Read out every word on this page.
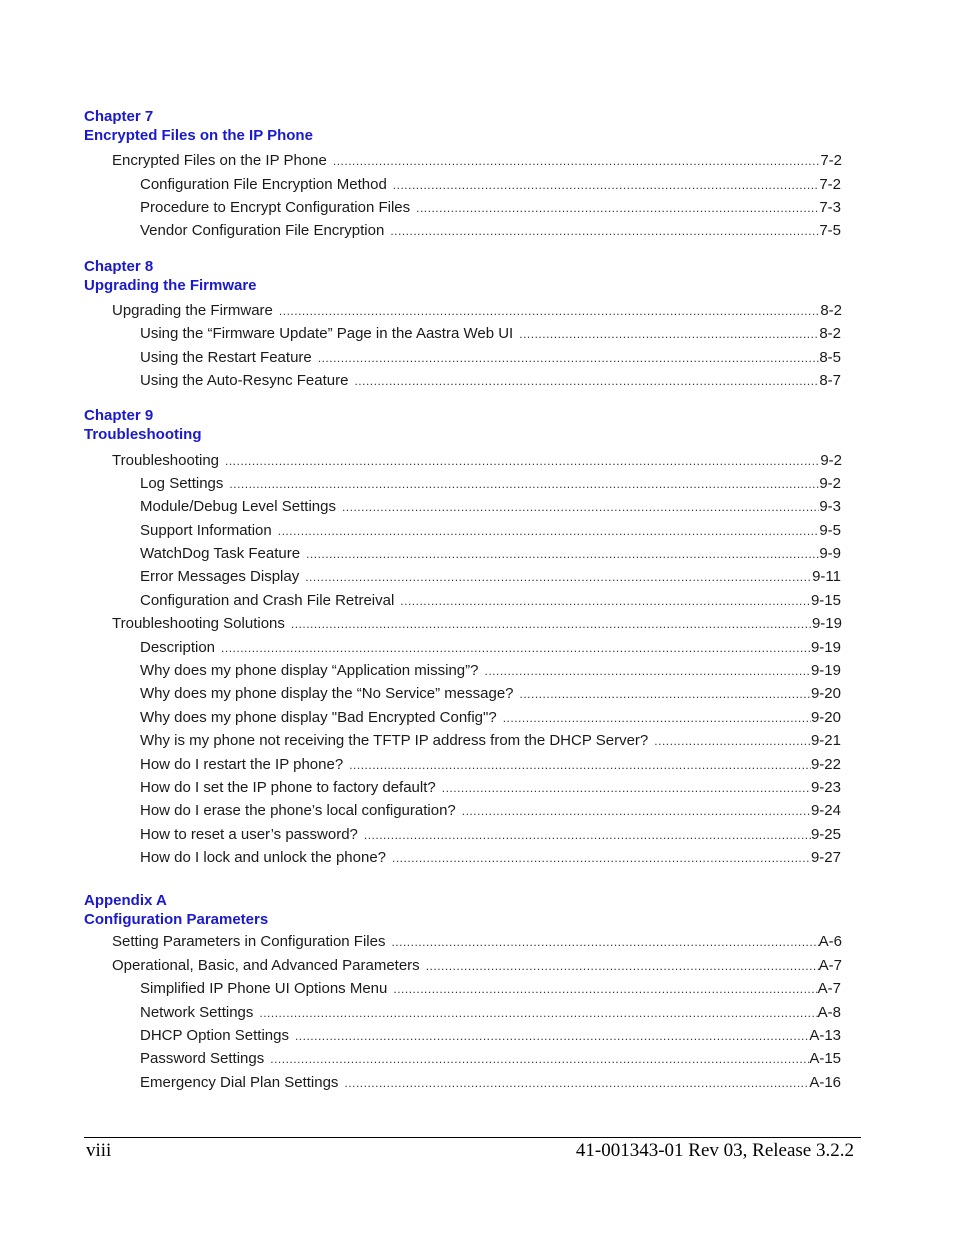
Chapter 7
Encrypted Files on the IP Phone
Encrypted Files on the IP Phone .....	7-2
Configuration File Encryption Method .....	7-2
Procedure to Encrypt Configuration Files .....	7-3
Vendor Configuration File Encryption .....	7-5
Chapter 8
Upgrading the Firmware
Upgrading the Firmware .....	8-2
Using the “Firmware Update” Page in the Aastra Web UI .....	8-2
Using the Restart Feature .....	8-5
Using the Auto-Resync Feature .....	8-7
Chapter 9
Troubleshooting
Troubleshooting .....	9-2
Log Settings .....	9-2
Module/Debug Level Settings .....	9-3
Support Information .....	9-5
WatchDog Task Feature .....	9-9
Error Messages Display .....	9-11
Configuration and Crash File Retreival .....	9-15
Troubleshooting Solutions .....	9-19
Description .....	9-19
Why does my phone display “Application missing”? .....	9-19
Why does my phone display the “No Service” message? .....	9-20
Why does my phone display "Bad Encrypted Config"? .....	9-20
Why is my phone not receiving the TFTP IP address from the DHCP Server? .....	9-21
How do I restart the IP phone? .....	9-22
How do I set the IP phone to factory default? .....	9-23
How do I erase the phone’s local configuration? .....	9-24
How to reset a user’s password? .....	9-25
How do I lock and unlock the phone? .....	9-27
Appendix A
Configuration Parameters
Setting Parameters in Configuration Files .....	A-6
Operational, Basic, and Advanced Parameters .....	A-7
Simplified IP Phone UI Options Menu .....	A-7
Network Settings .....	A-8
DHCP Option Settings .....	A-13
Password Settings .....	A-15
Emergency Dial Plan Settings .....	A-16
viii	41-001343-01 Rev 03, Release 3.2.2
